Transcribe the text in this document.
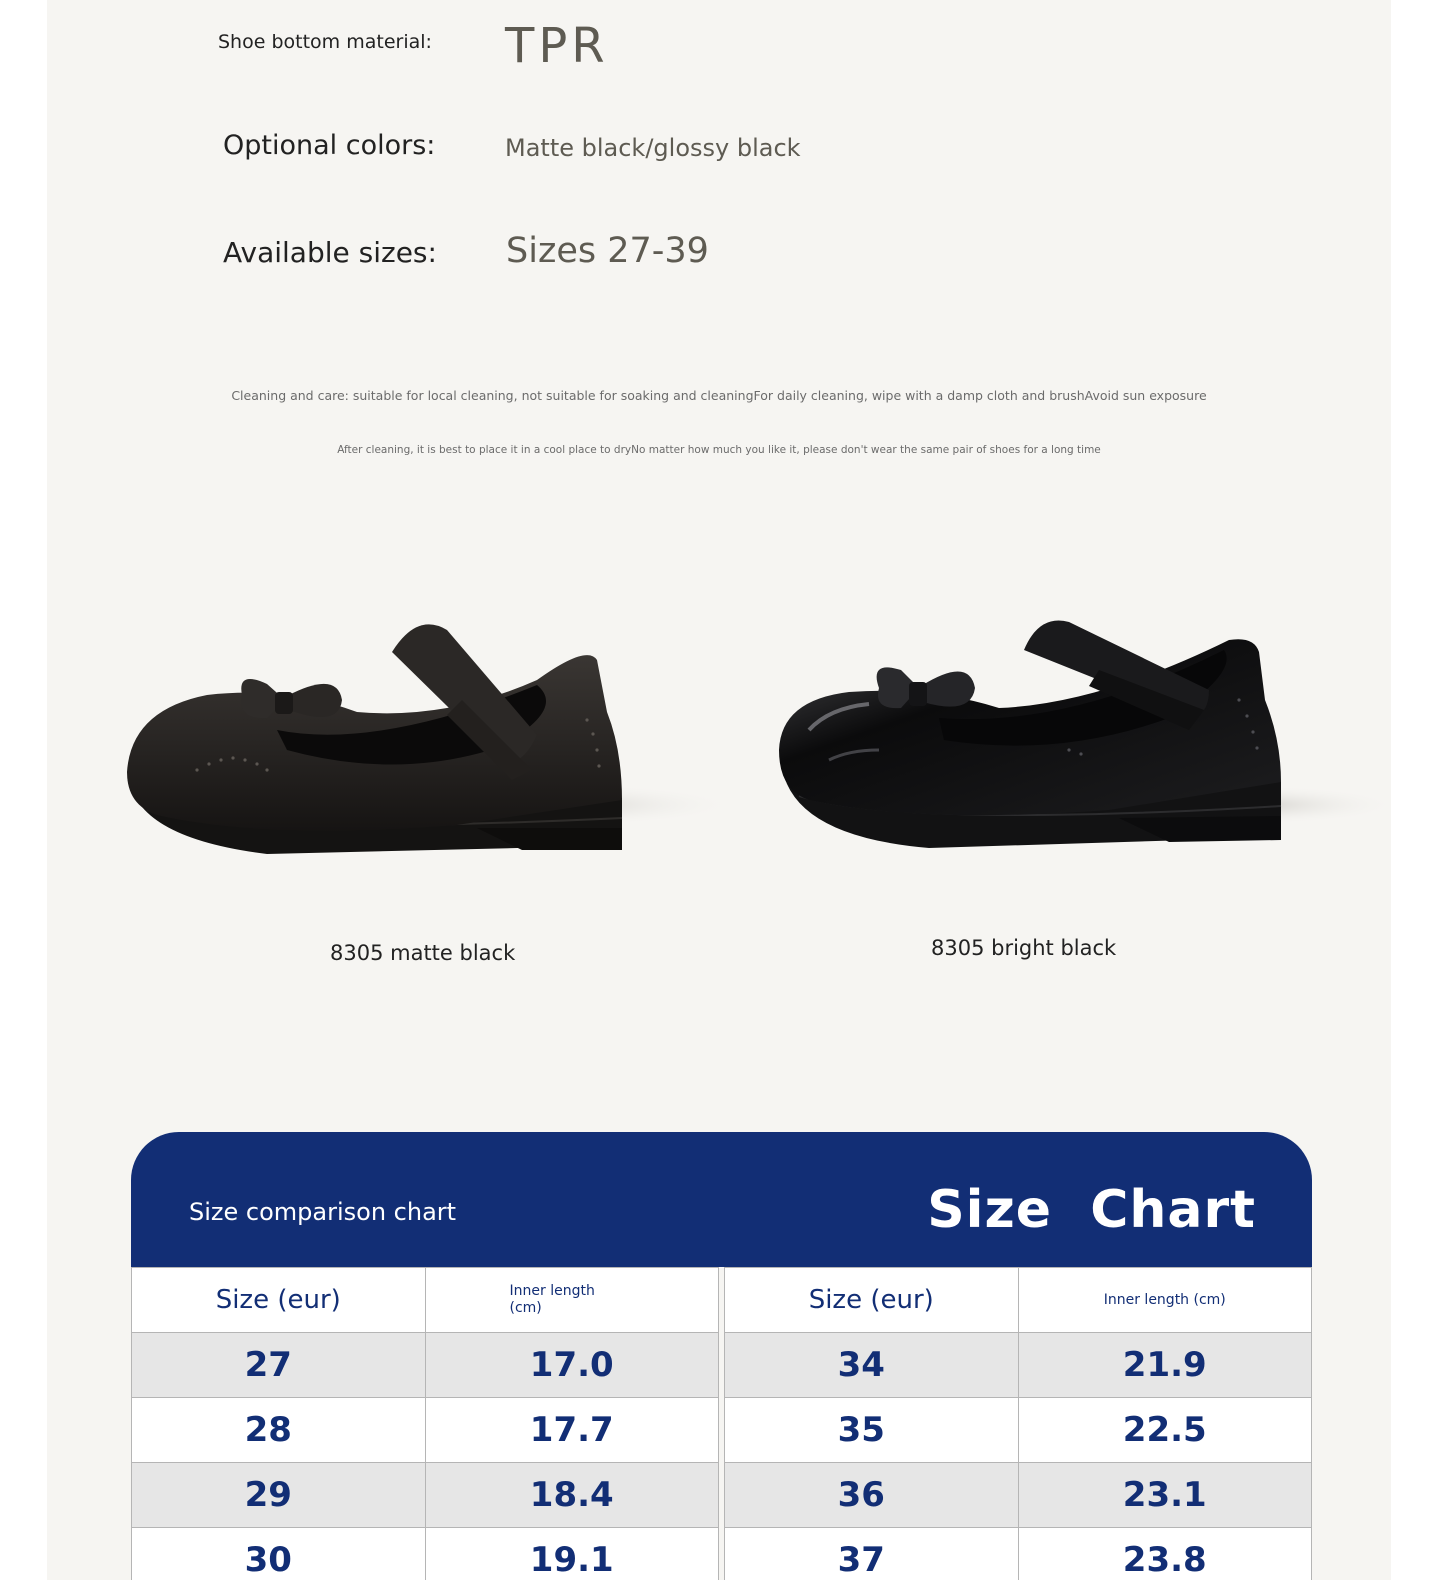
Shoe bottom material: TPR
Optional colors:	Matte black/glossy black
Available sizes: Sizes 27-39
Cleaning and care: suitable for local cleaning, not suitable for soaking and cleaningFor daily cleaning, wipe with a damp cloth and brushAvoid sun exposure
After cleaning, it is best to place it in a cool place to dryNo matter how much you like it, please don't wear the same pair of shoes for a long time
8305 matte black	8305 bright black
Size comparison chart	Size  Chart
Size (eur)	Inner length
(cm)
27	17.0
28	17.7
29	18.4
30	19.1
Size (eur)	Inner length (cm)
34	21.9
35	22.5
36	23.1
37	23.8
